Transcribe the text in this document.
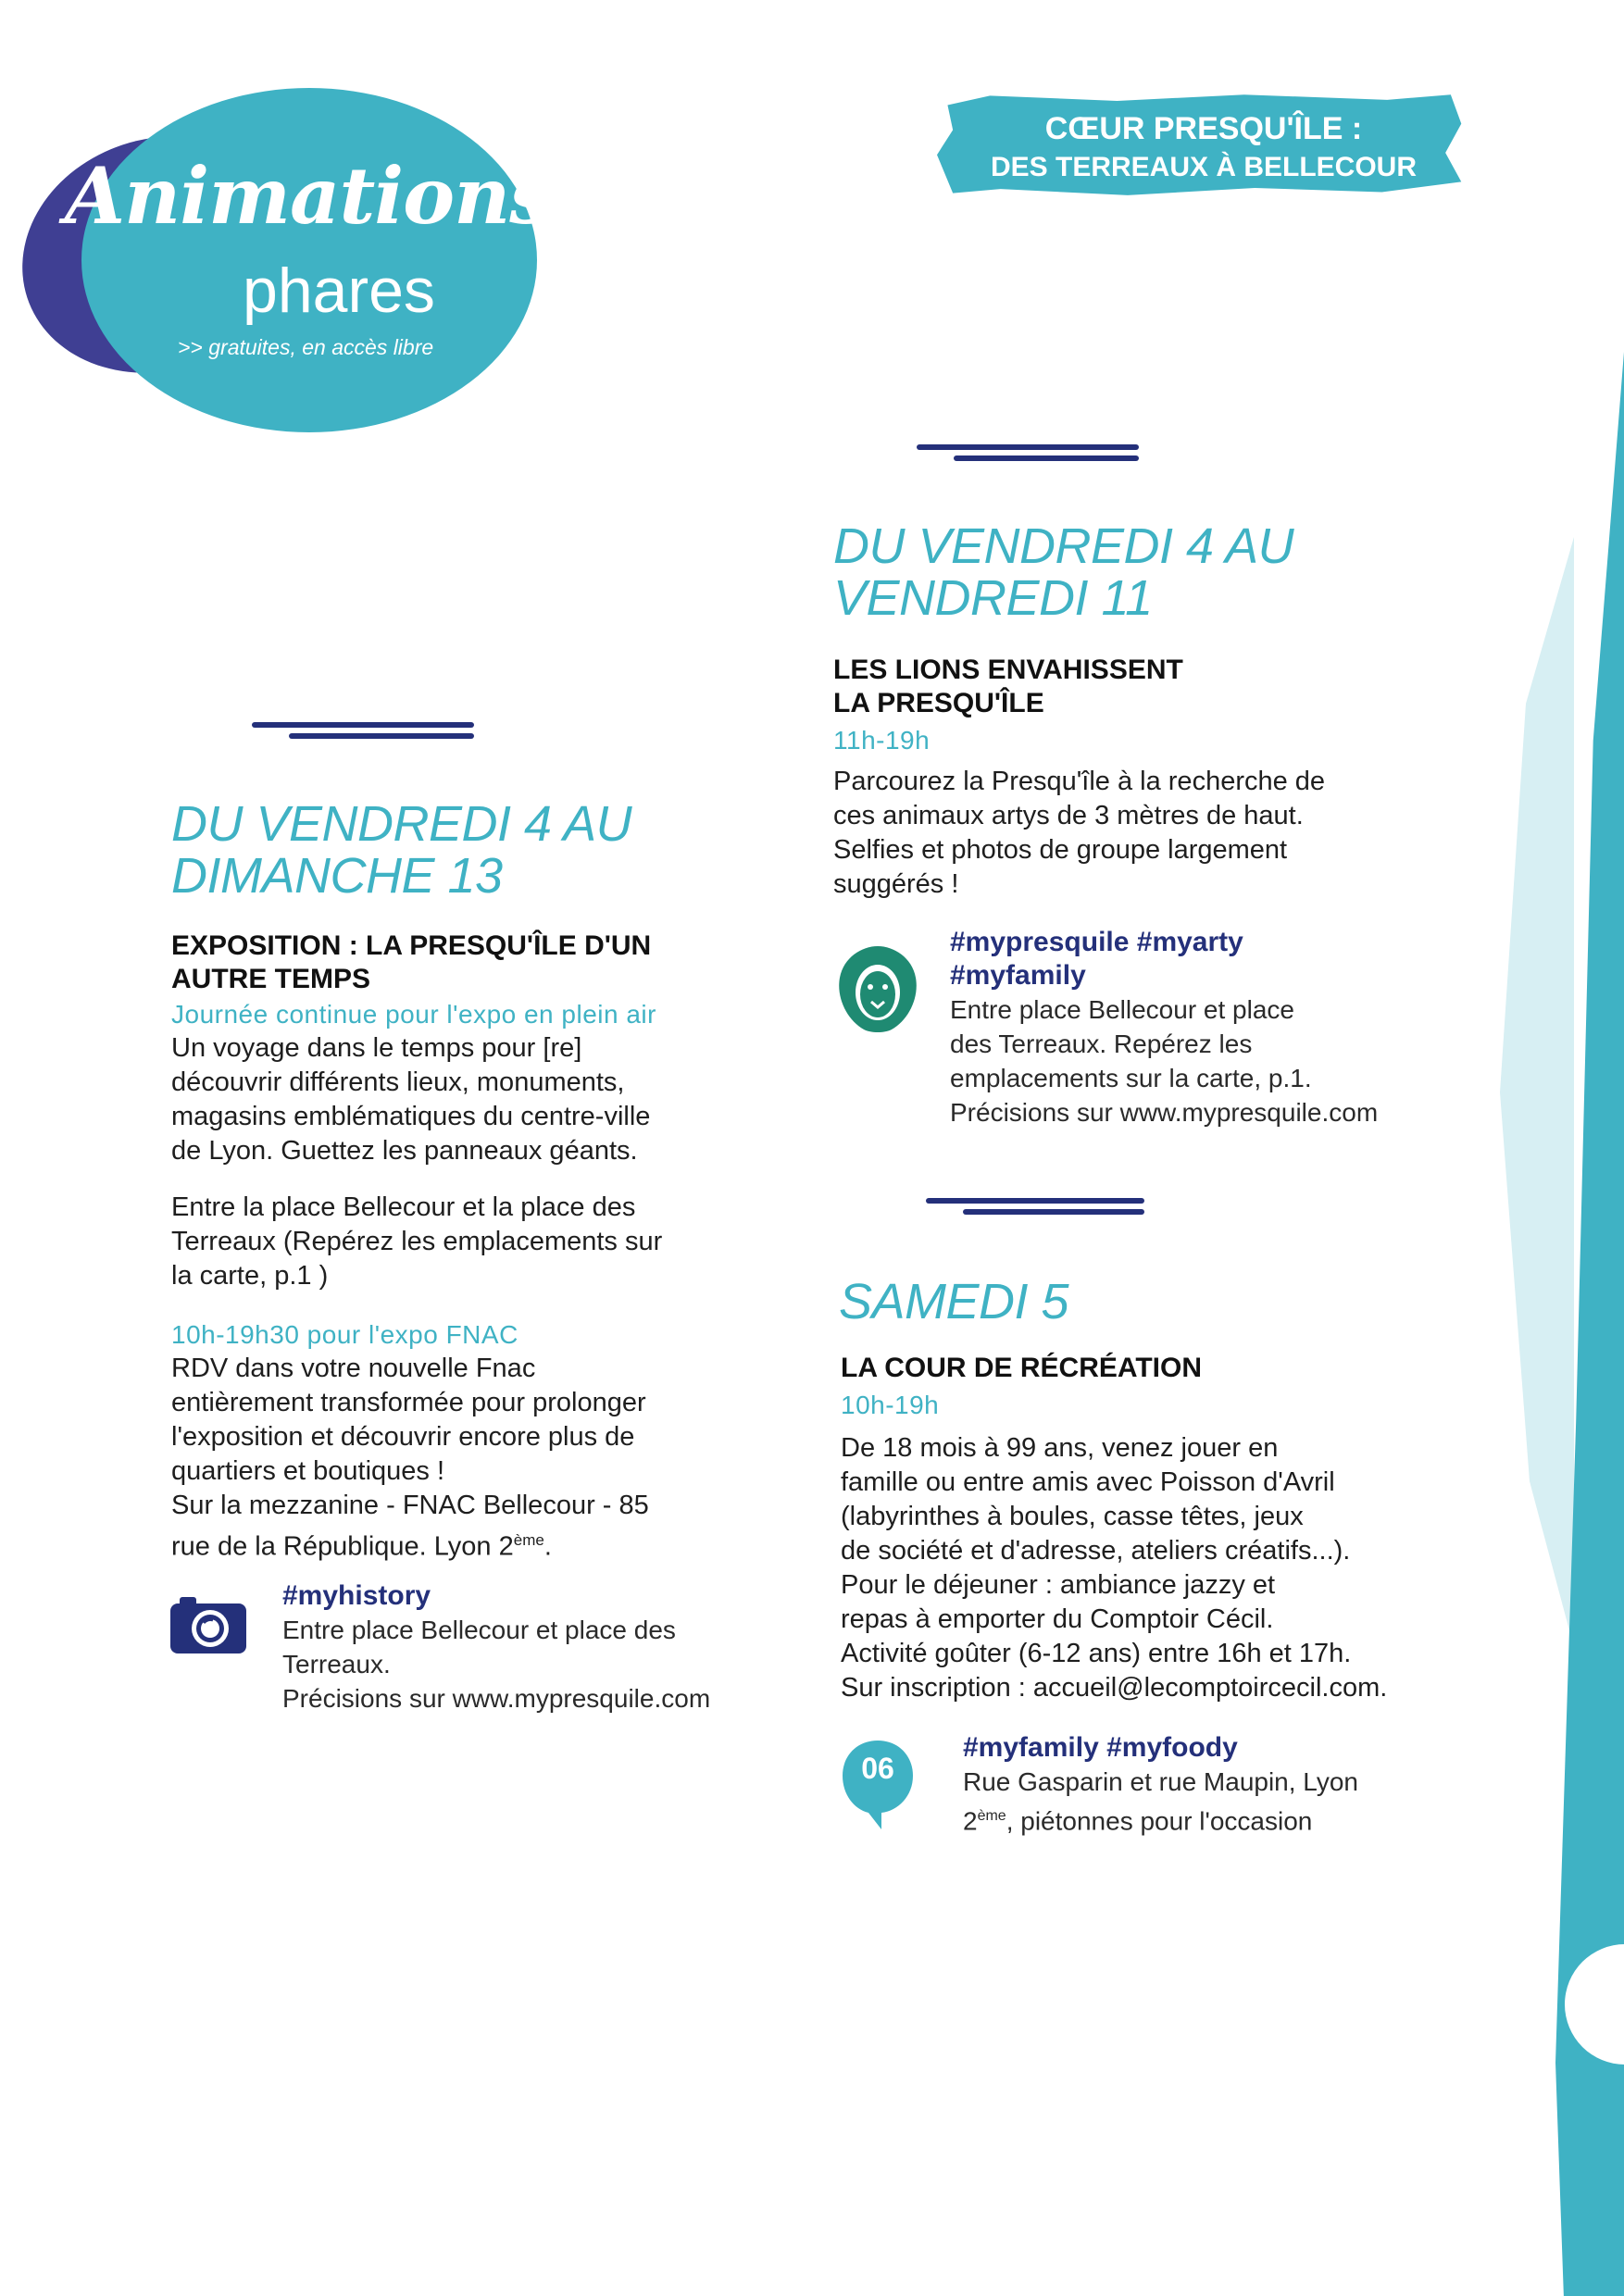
Animations
phares
>> gratuites, en accès libre
CŒUR PRESQU'ÎLE :
DES TERREAUX À BELLECOUR
DU VENDREDI 4 AU
DIMANCHE 13
EXPOSITION : LA PRESQU'ÎLE D'UN
AUTRE TEMPS
Journée continue pour l'expo en plein air

Un voyage dans le temps pour [re]

découvrir différents lieux, monuments,

magasins emblématiques du centre-ville

de Lyon. Guettez les panneaux géants.

Entre la place Bellecour et la place des

Terreaux (Repérez les emplacements sur

la carte, p.1 )

10h-19h30 pour l'expo FNAC

RDV dans votre nouvelle Fnac

entièrement transformée pour prolonger

l'exposition et découvrir encore plus de

quartiers et boutiques !

Sur la mezzanine - FNAC Bellecour - 85

rue de la République. Lyon 2ème.

#myhistory

Entre place Bellecour et place des

Terreaux.

Précisions sur www.mypresquile.com

DU VENDREDI 4 AU
VENDREDI 11
LES LIONS ENVAHISSENT
LA PRESQU'ÎLE
11h-19h

Parcourez la Presqu'île à la recherche de

ces animaux artys de 3 mètres de haut.

Selfies et photos de groupe largement

suggérés !

#mypresquile #myarty
#myfamily

Entre place Bellecour et place

des Terreaux. Repérez les

emplacements sur la carte, p.1.

Précisions sur www.mypresquile.com

SAMEDI 5
LA COUR DE RÉCRÉATION
10h-19h

De 18 mois à 99 ans, venez jouer en

famille ou entre amis avec Poisson d'Avril

(labyrinthes à boules, casse têtes, jeux

de société et d'adresse, ateliers créatifs...).

Pour le déjeuner : ambiance jazzy et

repas à emporter du Comptoir Cécil.

Activité goûter (6-12 ans) entre 16h et 17h.

Sur inscription : accueil@lecomptoircecil.com.

06
#myfamily #myfoody

Rue Gasparin et rue Maupin, Lyon

2ème, piétonnes pour l'occasion
